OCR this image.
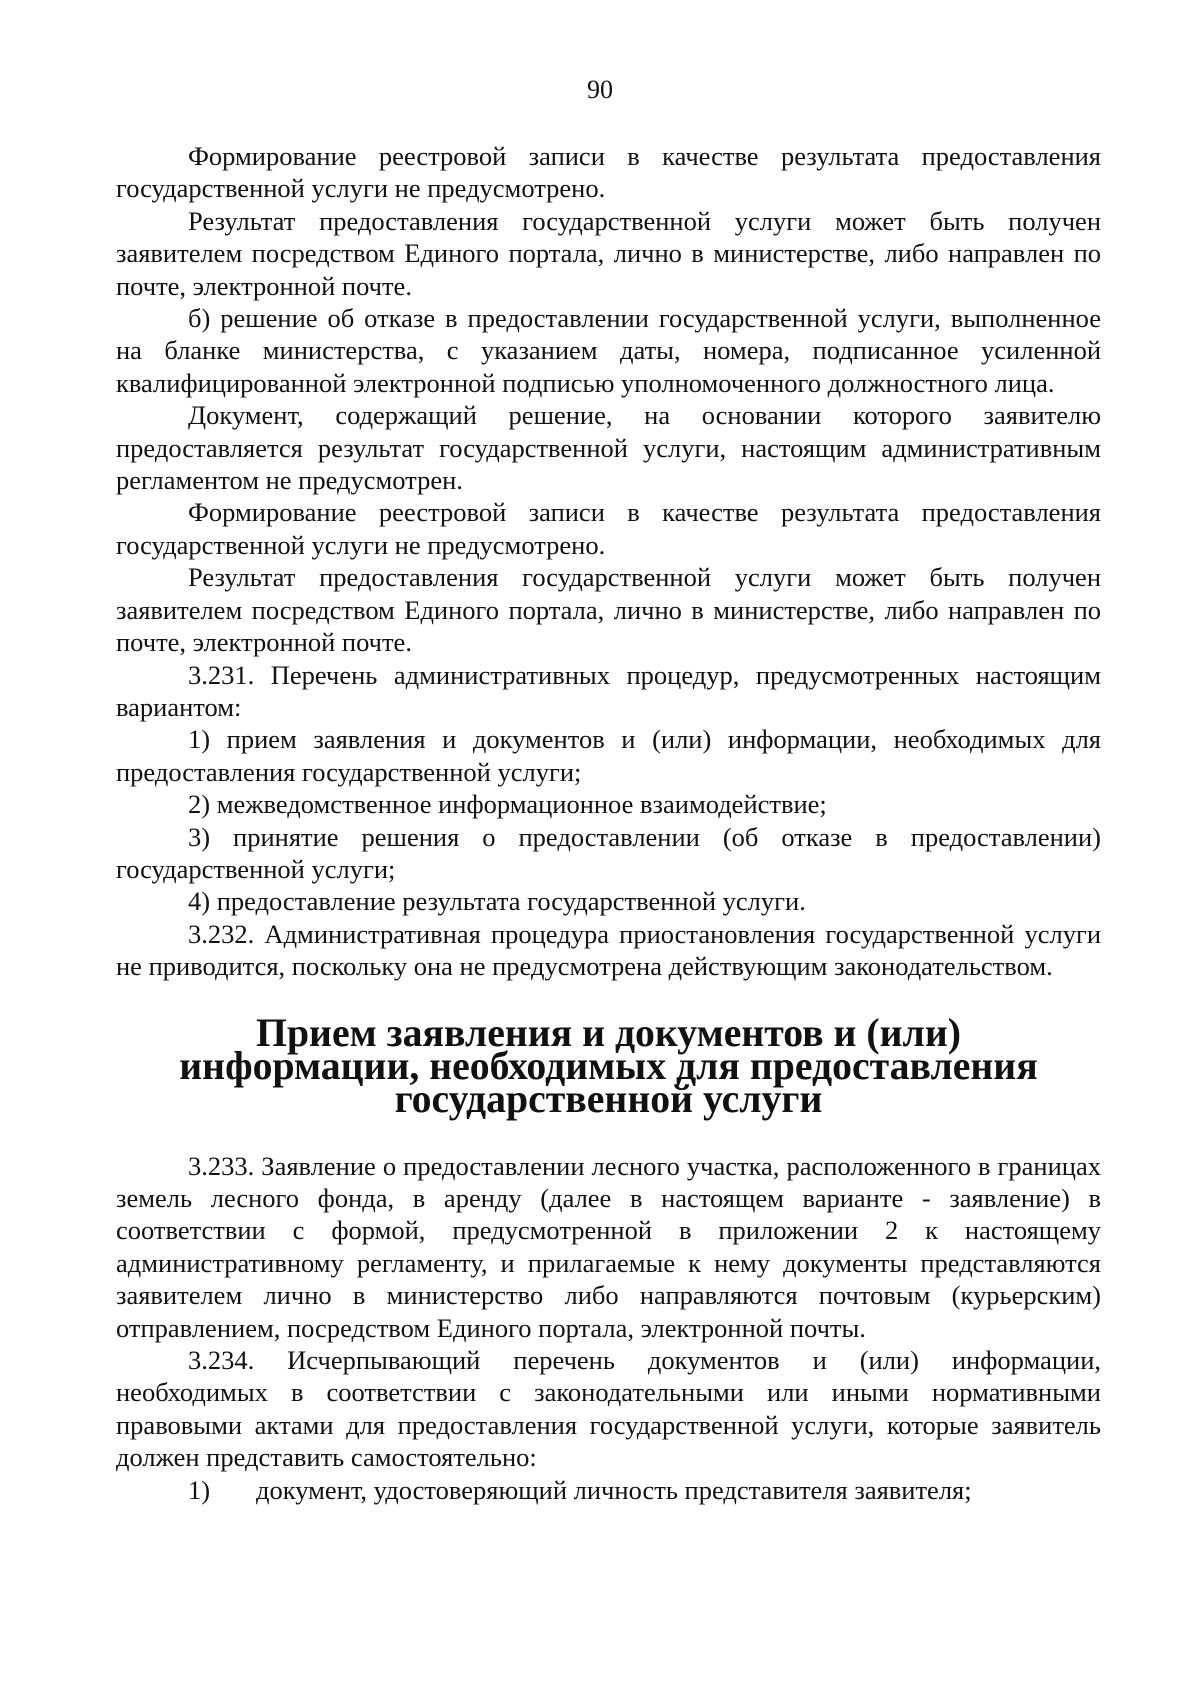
90

Формирование реестровой записи в качестве результата предоставления государственной услуги не предусмотрено.

Результат предоставления государственной услуги может быть получен заявителем посредством Единого портала, лично в министерстве, либо направлен по почте, электронной почте.

б) решение об отказе в предоставлении государственной услуги, выполненное на бланке министерства, с указанием даты, номера, подписанное усиленной квалифицированной электронной подписью уполномоченного должностного лица.

Документ, содержащий решение, на основании которого заявителю предоставляется результат государственной услуги, настоящим административным регламентом не предусмотрен.

Формирование реестровой записи в качестве результата предоставления государственной услуги не предусмотрено.

Результат предоставления государственной услуги может быть получен заявителем посредством Единого портала, лично в министерстве, либо направлен по почте, электронной почте.

3.231. Перечень административных процедур, предусмотренных настоящим вариантом:

1) прием заявления и документов и (или) информации, необходимых для предоставления государственной услуги;

2) межведомственное информационное взаимодействие;

3) принятие решения о предоставлении (об отказе в предоставлении) государственной услуги;

4) предоставление результата государственной услуги.

3.232. Административная процедура приостановления государственной услуги не приводится, поскольку она не предусмотрена действующим законодательством.

Прием заявления и документов и (или) информации, необходимых для предоставления государственной услуги

3.233. Заявление о предоставлении лесного участка, расположенного в границах земель лесного фонда, в аренду (далее в настоящем варианте - заявление) в соответствии с формой, предусмотренной в приложении 2 к настоящему административному регламенту, и прилагаемые к нему документы представляются заявителем лично в министерство либо направляются почтовым (курьерским) отправлением, посредством Единого портала, электронной почты.

3.234. Исчерпывающий перечень документов и (или) информации, необходимых в соответствии с законодательными или иными нормативными правовыми актами для предоставления государственной услуги, которые заявитель должен представить самостоятельно:

1) документ, удостоверяющий личность представителя заявителя;
